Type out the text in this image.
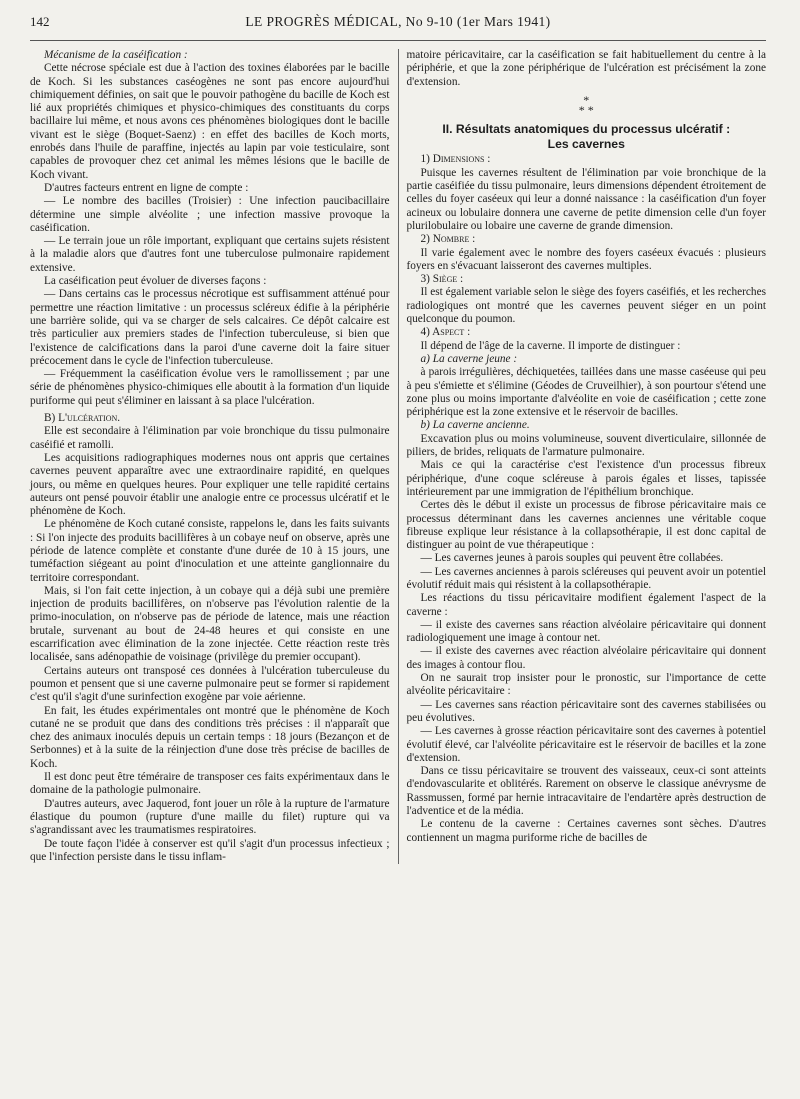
142	LE PROGRÈS MÉDICAL, No 9-10 (1er Mars 1941)

Mécanisme de la caséification :

Cette nécrose spéciale est due à l'action des toxines élaborées par le bacille de Koch. Si les substances caséogènes ne sont pas encore aujourd'hui chimiquement définies, on sait que le pouvoir pathogène du bacille de Koch est lié aux propriétés chimiques et physico-chimiques des constituants du corps bacillaire lui même, et nous avons ces phénomènes biologiques dont le bacille vivant est le siège (Boquet-Saenz) : en effet des bacilles de Koch morts, enrobés dans l'huile de paraffine, injectés au lapin par voie testiculaire, sont capables de provoquer chez cet animal les mêmes lésions que le bacille de Koch vivant.

D'autres facteurs entrent en ligne de compte :

— Le nombre des bacilles (Troisier) : Une infection paucibacillaire détermine une simple alvéolite ; une infection massive provoque la caséification.

— Le terrain joue un rôle important, expliquant que certains sujets résistent à la maladie alors que d'autres font une tuberculose pulmonaire rapidement extensive.

La caséification peut évoluer de diverses façons :

— Dans certains cas le processus nécrotique est suffisamment atténué pour permettre une réaction limitative : un processus scléreux édifie à la périphérie une barrière solide, qui va se charger de sels calcaires. Ce dépôt calcaire est très particulier aux premiers stades de l'infection tuberculeuse, si bien que l'existence de calcifications dans la paroi d'une caverne doit la faire situer précocement dans le cycle de l'infection tuberculeuse.

— Fréquemment la caséification évolue vers le ramollissement ; par une série de phénomènes physico-chimiques elle aboutit à la formation d'un liquide puriforme qui peut s'éliminer en laissant à sa place l'ulcération.

B) L'ulcération.

Elle est secondaire à l'élimination par voie bronchique du tissu pulmonaire caséifié et ramolli.

Les acquisitions radiographiques modernes nous ont appris que certaines cavernes peuvent apparaître avec une extraordinaire rapidité, en quelques jours, ou même en quelques heures. Pour expliquer une telle rapidité certains auteurs ont pensé pouvoir établir une analogie entre ce processus ulcératif et le phénomène de Koch.

Le phénomène de Koch cutané consiste, rappelons le, dans les faits suivants : Si l'on injecte des produits bacillifères à un cobaye neuf on observe, après une période de latence complète et constante d'une durée de 10 à 15 jours, une tuméfaction siégeant au point d'inoculation et une atteinte ganglionnaire du territoire correspondant.

Mais, si l'on fait cette injection, à un cobaye qui a déjà subi une première injection de produits bacillifères, on n'observe pas l'évolution ralentie de la primo-inoculation, on n'observe pas de période de latence, mais une réaction brutale, survenant au bout de 24-48 heures et qui consiste en une escarrification avec élimination de la zone injectée. Cette réaction reste très localisée, sans adénopathie de voisinage (privilège du premier occupant).

Certains auteurs ont transposé ces données à l'ulcération tuberculeuse du poumon et pensent que si une caverne pulmonaire peut se former si rapidement c'est qu'il s'agit d'une surinfection exogène par voie aérienne.

En fait, les études expérimentales ont montré que le phénomène de Koch cutané ne se produit que dans des conditions très précises : il n'apparaît que chez des animaux inoculés depuis un certain temps : 18 jours (Bezançon et de Serbonnes) et à la suite de la réinjection d'une dose très précise de bacilles de Koch.

Il est donc peut être téméraire de transposer ces faits expérimentaux dans le domaine de la pathologie pulmonaire.

D'autres auteurs, avec Jaquerod, font jouer un rôle à la rupture de l'armature élastique du poumon (rupture d'une maille du filet) rupture qui va s'agrandissant avec les traumatismes respiratoires.

De toute façon l'idée à conserver est qu'il s'agit d'un processus infectieux ; que l'infection persiste dans le tissu inflam-

matoire péricavitaire, car la caséification se fait habituellement du centre à la périphérie, et que la zone périphérique de l'ulcération est précisément la zone d'extension.

*
* *
II. Résultats anatomiques du processus ulcératif :
Les cavernes

1) Dimensions :

Puisque les cavernes résultent de l'élimination par voie bronchique de la partie caséifiée du tissu pulmonaire, leurs dimensions dépendent étroitement de celles du foyer caséeux qui leur a donné naissance : la caséification d'un foyer acineux ou lobulaire donnera une caverne de petite dimension celle d'un foyer plurilobulaire ou lobaire une caverne de grande dimension.

2) Nombre :

Il varie également avec le nombre des foyers caséeux évacués : plusieurs foyers en s'évacuant laisseront des cavernes multiples.

3) Siège :

Il est également variable selon le siège des foyers caséifiés, et les recherches radiologiques ont montré que les cavernes peuvent siéger en un point quelconque du poumon.

4) Aspect :

Il dépend de l'âge de la caverne. Il importe de distinguer :

a) La caverne jeune :

à parois irrégulières, déchiquetées, taillées dans une masse caséeuse qui peu à peu s'émiette et s'élimine (Géodes de Cruveilhier), à son pourtour s'étend une zone plus ou moins importante d'alvéolite en voie de caséification ; cette zone périphérique est la zone extensive et le réservoir de bacilles.

b) La caverne ancienne.

Excavation plus ou moins volumineuse, souvent diverticulaire, sillonnée de piliers, de brides, reliquats de l'armature pulmonaire.

Mais ce qui la caractérise c'est l'existence d'un processus fibreux périphérique, d'une coque scléreuse à parois égales et lisses, tapissée intérieurement par une immigration de l'épithélium bronchique.

Certes dès le début il existe un processus de fibrose péricavitaire mais ce processus déterminant dans les cavernes anciennes une véritable coque fibreuse explique leur résistance à la collapsothérapie, il est donc capital de distinguer au point de vue thérapeutique :

— Les cavernes jeunes à parois souples qui peuvent être collabées.

— Les cavernes anciennes à parois scléreuses qui peuvent avoir un potentiel évolutif réduit mais qui résistent à la collapsothérapie.

Les réactions du tissu péricavitaire modifient également l'aspect de la caverne :

— il existe des cavernes sans réaction alvéolaire péricavitaire qui donnent radiologiquement une image à contour net.

— il existe des cavernes avec réaction alvéolaire péricavitaire qui donnent des images à contour flou.

On ne saurait trop insister pour le pronostic, sur l'importance de cette alvéolite péricavitaire :

— Les cavernes sans réaction péricavitaire sont des cavernes stabilisées ou peu évolutives.

— Les cavernes à grosse réaction péricavitaire sont des cavernes à potentiel évolutif élevé, car l'alvéolite péricavitaire est le réservoir de bacilles et la zone d'extension.

Dans ce tissu péricavitaire se trouvent des vaisseaux, ceux-ci sont atteints d'endovascularite et oblitérés. Rarement on observe le classique anévrysme de Rassmussen, formé par hernie intracavitaire de l'endartère après destruction de l'adventice et de la média.

Le contenu de la caverne : Certaines cavernes sont sèches. D'autres contiennent un magma puriforme riche de bacilles de
